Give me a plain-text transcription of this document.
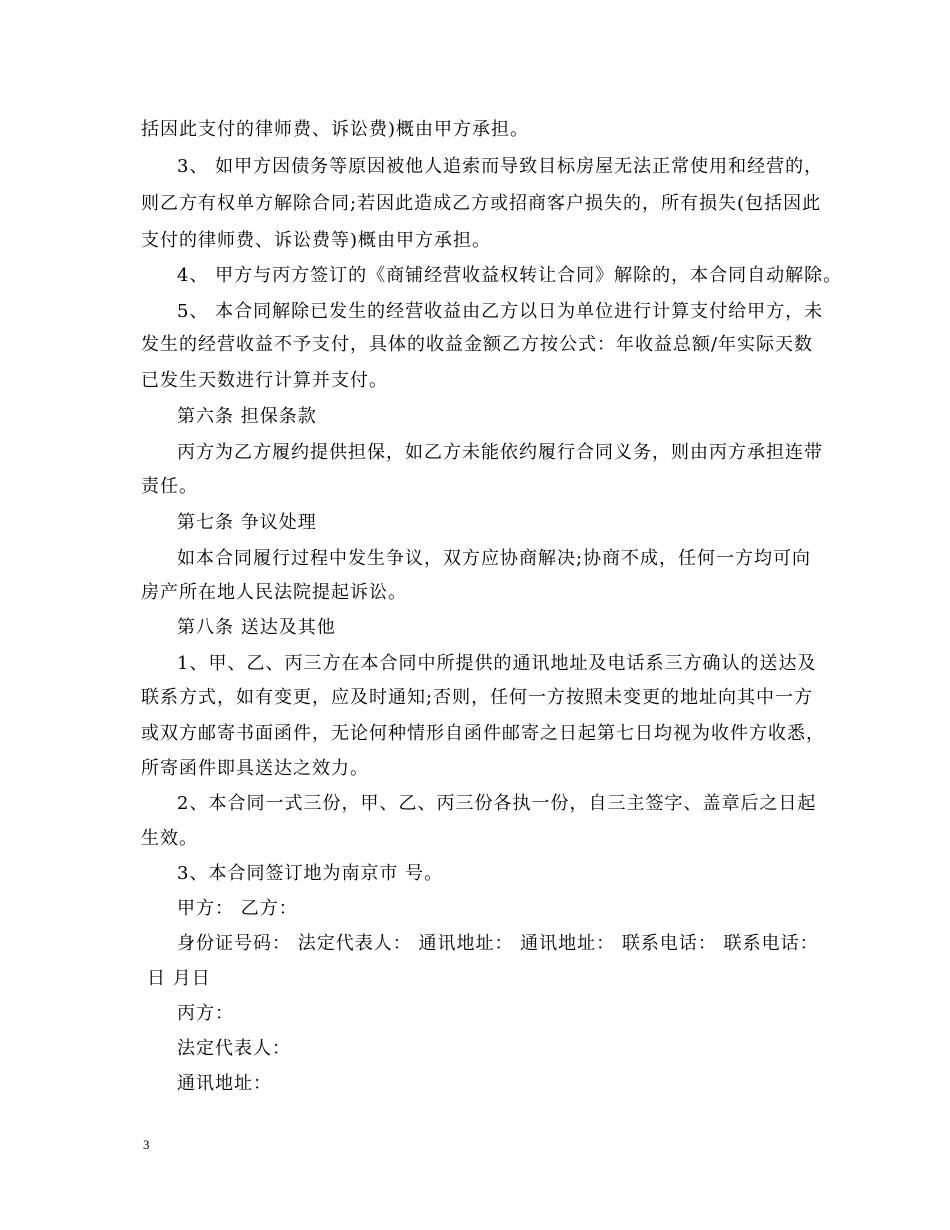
括因此支付的律师费、诉讼费)概由甲方承担。
3、 如甲方因债务等原因被他人追索而导致目标房屋无法正常使用和经营的，
则乙方有权单方解除合同;若因此造成乙方或招商客户损失的，所有损失(包括因此
支付的律师费、诉讼费等)概由甲方承担。
4、 甲方与丙方签订的《商铺经营收益权转让合同》解除的，本合同自动解除。
5、 本合同解除已发生的经营收益由乙方以日为单位进行计算支付给甲方，未
发生的经营收益不予支付，具体的收益金额乙方按公式：年收益总额/年实际天数
已发生天数进行计算并支付。
第六条 担保条款
丙方为乙方履约提供担保，如乙方未能依约履行合同义务，则由丙方承担连带
责任。
第七条 争议处理
如本合同履行过程中发生争议，双方应协商解决;协商不成，任何一方均可向
房产所在地人民法院提起诉讼。
第八条 送达及其他
1、甲、乙、丙三方在本合同中所提供的通讯地址及电话系三方确认的送达及
联系方式，如有变更，应及时通知;否则，任何一方按照未变更的地址向其中一方
或双方邮寄书面函件，无论何种情形自函件邮寄之日起第七日均视为收件方收悉，
所寄函件即具送达之效力。
2、本合同一式三份，甲、乙、丙三份各执一份，自三主签字、盖章后之日起
生效。
3、本合同签订地为南京市 号。
甲方： 乙方：
身份证号码： 法定代表人： 通讯地址： 通讯地址： 联系电话： 联系电话：
日 月日
丙方：
法定代表人：
通讯地址：
3
